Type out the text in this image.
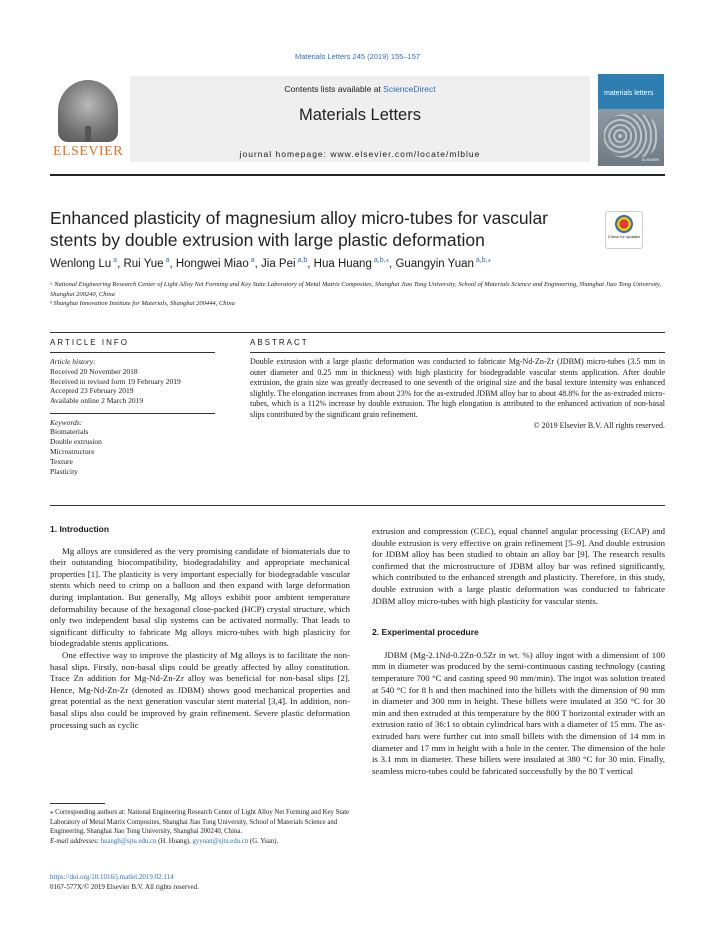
Materials Letters 245 (2019) 155–157
ELSEVIER
Contents lists available at ScienceDirect
Materials Letters
journal homepage: www.elsevier.com/locate/mlblue
materials letters
ELSEVIER
Enhanced plasticity of magnesium alloy micro-tubes for vascular stents by double extrusion with large plastic deformation	Check for updates
Wenlong Lu $^a$, Rui Yue $^a$, Hongwei Miao $^a$, Jia Pei $^{a,b}$, Hua Huang $^{a,b,⁎}$, Guangyin Yuan $^{a,b,⁎}$
ᵃ National Engineering Research Center of Light Alloy Net Forming and Key State Laboratory of Metal Matrix Composites, Shanghai Jiao Tong University, School of Materials Science and Engineering, Shanghai Jiao Tong University, Shanghai 200240, China
ᵇ Shanghai Innovation Institute for Materials, Shanghai 200444, China
ARTICLE INFO	ABSTRACT
Article history:
Received 20 November 2018
Received in revised form 19 February 2019
Accepted 23 February 2019
Available online 2 March 2019
Keywords:
Biomaterials
Double extrusion
Microstructure
Texture
Plasticity
Double extrusion with a large plastic deformation was conducted to fabricate Mg-Nd-Zn-Zr (JDBM) micro-tubes (3.5 mm in outer diameter and 0.25 mm in thickness) with high plasticity for biodegradable vascular stents application. After double extrusion, the grain size was greatly decreased to one seventh of the original size and the basal texture intensity was enhanced slightly. The elongation increases from about 23% for the as-extruded JDBM alloy bar to about 48.8% for the as-extruded micro-tubes, which is a 112% increase by double extrusion. The high elongation is attributed to the enhanced activation of non-basal slips contributed by the significant grain refinement.
© 2019 Elsevier B.V. All rights reserved.
1. Introduction

Mg alloys are considered as the very promising candidate of biomaterials due to their outstanding biocompatibility, biodegradability and appropriate mechanical properties [1]. The plasticity is very important especially for biodegradable vascular stents which need to crimp on a balloon and then expand with large deformation during implantation. But generally, Mg alloys exhibit poor ambient temperature deformability because of the hexagonal close-packed (HCP) crystal structure, which only two independent basal slip systems can be activated normally. That leads to significant difficulty to fabricate Mg alloys micro-tubes with high plasticity for biodegradable stents applications.

One effective way to improve the plasticity of Mg alloys is to facilitate the non-basal slips. Firstly, non-basal slips could be greatly affected by alloy constitution. Trace Zn addition for Mg-Nd-Zn-Zr alloy was beneficial for non-basal slips [2]. Hence, Mg-Nd-Zn-Zr (denoted as JDBM) shows good mechanical properties and great potential as the next generation vascular stent material [3,4]. In addition, non-basal slips also could be improved by grain refinement. Severe plastic deformation processing such as cyclic

extrusion and compression (CEC), equal channel angular processing (ECAP) and double extrusion is very effective on grain refinement [5–9]. And double extrusion for JDBM alloy has been studied to obtain an alloy bar [9]. The research results confirmed that the microstructure of JDBM alloy bar was refined significantly, which contributed to the enhanced strength and plasticity. Therefore, in this study, double extrusion with a large plastic deformation was conducted to fabricate JDBM alloy micro-tubes with high plasticity for vascular stents.

2. Experimental procedure

JDBM (Mg-2.1Nd-0.2Zn-0.5Zr in wt. %) alloy ingot with a dimension of 100 mm in diameter was produced by the semi-continuous casting technology (casting temperature 700 °C and casting speed 90 mm/min). The ingot was solution treated at 540 °C for 8 h and then machined into the billets with the dimension of 90 mm in diameter and 300 mm in height. These billets were insulated at 350 °C for 30 min and then extruded at this temperature by the 800 T horizontal extruder with an extrusion ratio of 36:1 to obtain cylindrical bars with a diameter of 15 mm. The as-extruded bars were further cut into small billets with the dimension of 14 mm in diameter and 17 mm in height with a hole in the center. The dimension of the hole is 3.1 mm in diameter. These billets were insulated at 380 °C for 30 min. Finally, seamless micro-tubes could be fabricated successfully by the 80 T vertical

⁎ Corresponding authors at: National Engineering Research Center of Light Alloy Net Forming and Key State Laboratory of Metal Matrix Composites, Shanghai Jiao Tong University, School of Materials Science and Engineering, Shanghai Jiao Tong University, Shanghai 200240, China.
E-mail addresses: huangh@sjtu.edu.cn (H. Huang), gyyuan@sjtu.edu.cn (G. Yuan).
https://doi.org/10.1016/j.matlet.2019.02.114
0167-577X/© 2019 Elsevier B.V. All rights reserved.
